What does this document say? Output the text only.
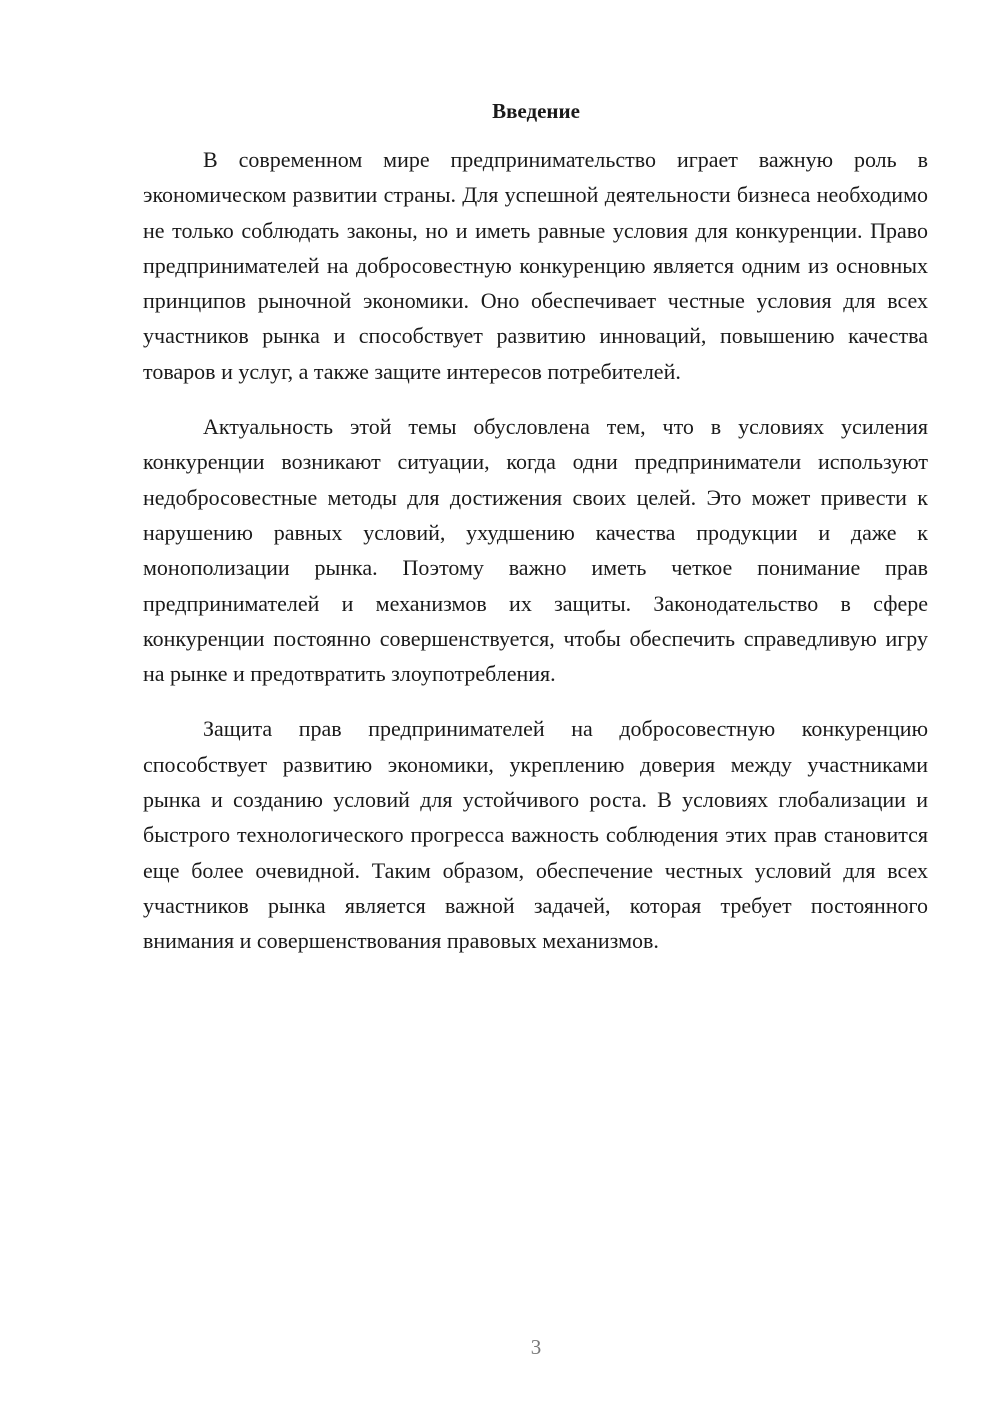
Введение

В современном мире предпринимательство играет важную роль в экономическом развитии страны. Для успешной деятельности бизнеса необходимо не только соблюдать законы, но и иметь равные условия для конкуренции. Право предпринимателей на добросовестную конкуренцию является одним из основных принципов рыночной экономики. Оно обеспечивает честные условия для всех участников рынка и способствует развитию инноваций, повышению качества товаров и услуг, а также защите интересов потребителей.

Актуальность этой темы обусловлена тем, что в условиях усиления конкуренции возникают ситуации, когда одни предприниматели используют недобросовестные методы для достижения своих целей. Это может привести к нарушению равных условий, ухудшению качества продукции и даже к монополизации рынка. Поэтому важно иметь четкое понимание прав предпринимателей и механизмов их защиты. Законодательство в сфере конкуренции постоянно совершенствуется, чтобы обеспечить справедливую игру на рынке и предотвратить злоупотребления.

Защита прав предпринимателей на добросовестную конкуренцию способствует развитию экономики, укреплению доверия между участниками рынка и созданию условий для устойчивого роста. В условиях глобализации и быстрого технологического прогресса важность соблюдения этих прав становится еще более очевидной. Таким образом, обеспечение честных условий для всех участников рынка является важной задачей, которая требует постоянного внимания и совершенствования правовых механизмов.

3
